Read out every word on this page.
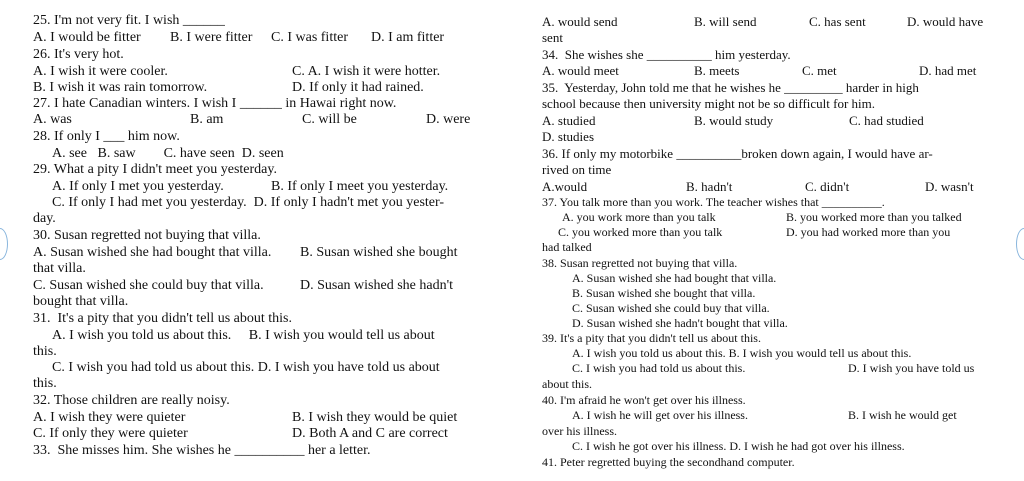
25. I'm not very fit. I wish ______
A. I would be fitter B. I were fitter C. I was fitter D. I am fitter
26. It's very hot.
A. I wish it were cooler.	C. A. I wish it were hotter.
B. I wish it was rain tomorrow.	D. If only it had rained.
27. I hate Canadian winters. I wish I ______ in Hawai right now.
A. was	B. am	C. will be	D. were
28. If only I ___ him now.
A. see   B. saw        C. have seen  D. seen
29. What a pity I didn't meet you yesterday.
A. If only I met you yesterday.	B. If only I meet you yesterday.
C. If only I had met you yesterday.  D. If only I hadn't met you yester-
day.
30. Susan regretted not buying that villa.
A. Susan wished she had bought that villa. B. Susan wished she bought
that villa.
C. Susan wished she could buy that villa.	D. Susan wished she hadn't
bought that villa.
31.  It's a pity that you didn't tell us about this.
A. I wish you told us about this.     B. I wish you would tell us about
this.
C. I wish you had told us about this. D. I wish you have told us about
this.
32. Those children are really noisy.
A. I wish they were quieter	B. I wish they would be quiet
C. If only they were quieter	D. Both A and C are correct
33.  She misses him. She wishes he __________ her a letter.
A. would send	B. will send	C. has sent	D. would have
sent
34.  She wishes she __________ him yesterday.
A. would meet	B. meets	C. met	D. had met
35.  Yesterday, John told me that he wishes he _________ harder in high
school because then university might not be so difficult for him.
A. studied	B. would study	C. had studied
D. studies
36. If only my motorbike __________broken down again, I would have ar-
rived on time
A.would	B. hadn't	C. didn't	D. wasn't
37. You talk more than you work. The teacher wishes that __________.
A. you work more than you talk	B. you worked more than you talked
C. you worked more than you talk	D. you had worked more than you
had talked
38. Susan regretted not buying that villa.
A. Susan wished she had bought that villa.
B. Susan wished she bought that villa.
C. Susan wished she could buy that villa.
D. Susan wished she hadn't bought that villa.
39. It's a pity that you didn't tell us about this.
A. I wish you told us about this. B. I wish you would tell us about this.
C. I wish you had told us about this.	D. I wish you have told us
about this.
40. I'm afraid he won't get over his illness.
A. I wish he will get over his illness.	B. I wish he would get
over his illness.
C. I wish he got over his illness. D. I wish he had got over his illness.
41. Peter regretted buying the secondhand computer.
